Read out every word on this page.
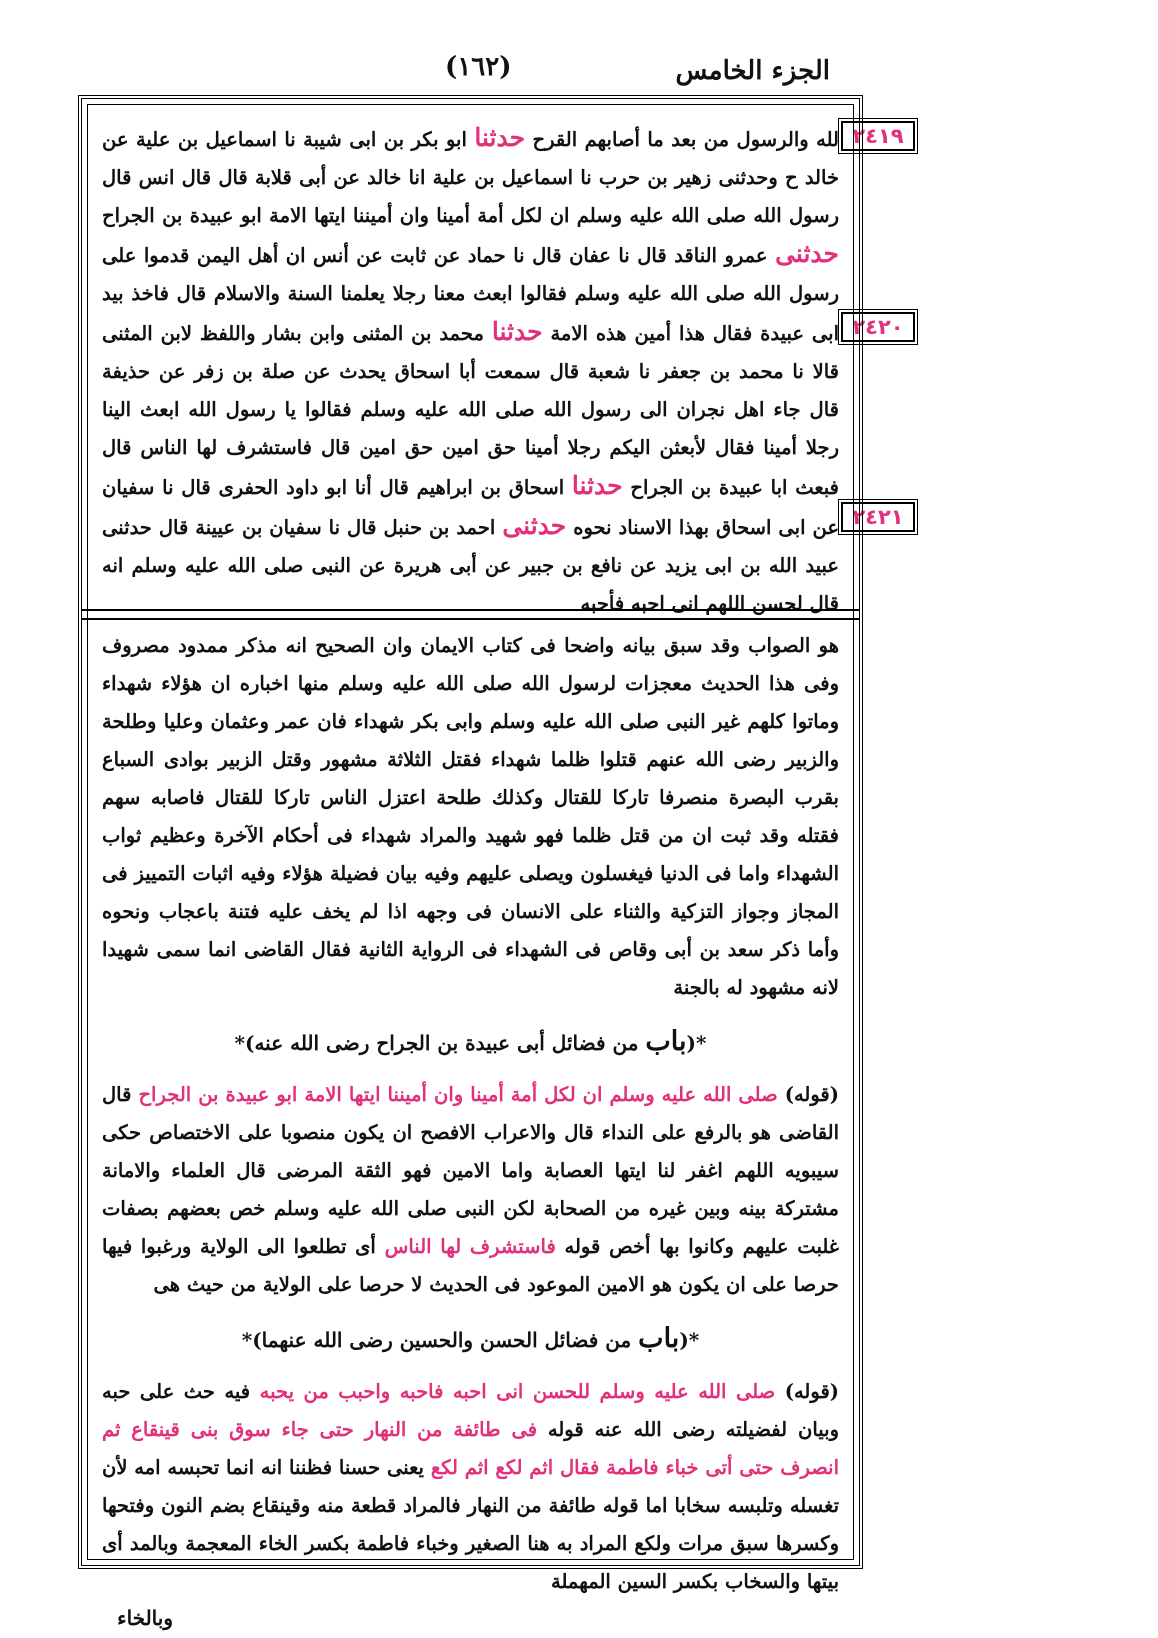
الجزء الخامس
(١٦٢)
٢٤١٩
٢٤٢٠
٢٤٢١

لله والرسول من بعد ما أصابهم القرح حدثنا ابو بكر بن ابى شيبة نا اسماعيل بن علية عن خالد ح وحدثنى زهير بن حرب نا اسماعيل بن علية انا خالد عن أبى قلابة قال قال انس قال رسول الله صلى الله عليه وسلم ان لكل أمة أمينا وان أميننا ايتها الامة ابو عبيدة بن الجراح حدثنى عمرو الناقد قال نا عفان قال نا حماد عن ثابت عن أنس ان أهل اليمن قدموا على رسول الله صلى الله عليه وسلم فقالوا ابعث معنا رجلا يعلمنا السنة والاسلام قال فاخذ بيد ابى عبيدة فقال هذا أمين هذه الامة حدثنا محمد بن المثنى وابن بشار واللفظ لابن المثنى قالا نا محمد بن جعفر نا شعبة قال سمعت أبا اسحاق يحدث عن صلة بن زفر عن حذيفة قال جاء اهل نجران الى رسول الله صلى الله عليه وسلم فقالوا يا رسول الله ابعث الينا رجلا أمينا فقال لأبعثن اليكم رجلا أمينا حق امين حق امين قال فاستشرف لها الناس قال فبعث ابا عبيدة بن الجراح حدثنا اسحاق بن ابراهيم قال أنا ابو داود الحفرى قال نا سفيان عن ابى اسحاق بهذا الاسناد نحوه حدثنى احمد بن حنبل قال نا سفيان بن عيينة قال حدثنى عبيد الله بن ابى يزيد عن نافع بن جبير عن أبى هريرة عن النبى صلى الله عليه وسلم انه قال لحسن اللهم انى احبه فأحبه

هو الصواب وقد سبق بيانه واضحا فى كتاب الايمان وان الصحيح انه مذكر ممدود مصروف وفى هذا الحديث معجزات لرسول الله صلى الله عليه وسلم منها اخباره ان هؤلاء شهداء وماتوا كلهم غير النبى صلى الله عليه وسلم وابى بكر شهداء فان عمر وعثمان وعليا وطلحة والزبير رضى الله عنهم قتلوا ظلما شهداء فقتل الثلاثة مشهور وقتل الزبير بوادى السباع بقرب البصرة منصرفا تاركا للقتال وكذلك طلحة اعتزل الناس تاركا للقتال فاصابه سهم فقتله وقد ثبت ان من قتل ظلما فهو شهيد والمراد شهداء فى أحكام الآخرة وعظيم ثواب الشهداء واما فى الدنيا فيغسلون ويصلى عليهم وفيه بيان فضيلة هؤلاء وفيه اثبات التمييز فى المجاز وجواز التزكية والثناء على الانسان فى وجهه اذا لم يخف عليه فتنة باعجاب ونحوه وأما ذكر سعد بن أبى وقاص فى الشهداء فى الرواية الثانية فقال القاضى انما سمى شهيدا لانه مشهود له بالجنة

*(باب من فضائل أبى عبيدة بن الجراح رضى الله عنه)*

(قوله) صلى الله عليه وسلم ان لكل أمة أمينا وان أميننا ايتها الامة ابو عبيدة بن الجراح قال القاضى هو بالرفع على النداء قال والاعراب الافصح ان يكون منصوبا على الاختصاص حكى سيبويه اللهم اغفر لنا ايتها العصابة واما الامين فهو الثقة المرضى قال العلماء والامانة مشتركة بينه وبين غيره من الصحابة لكن النبى صلى الله عليه وسلم خص بعضهم بصفات غلبت عليهم وكانوا بها أخص قوله فاستشرف لها الناس أى تطلعوا الى الولاية ورغبوا فيها حرصا على ان يكون هو الامين الموعود فى الحديث لا حرصا على الولاية من حيث هى

*(باب من فضائل الحسن والحسين رضى الله عنهما)*

(قوله) صلى الله عليه وسلم للحسن انى احبه فاحبه واحبب من يحبه فيه حث على حبه وبيان لفضيلته رضى الله عنه قوله فى طائفة من النهار حتى جاء سوق بنى قينقاع ثم انصرف حتى أتى خباء فاطمة فقال اثم لكع اثم لكع يعنى حسنا فظننا انه انما تحبسه امه لأن تغسله وتلبسه سخابا اما قوله طائفة من النهار فالمراد قطعة منه وقينقاع بضم النون وفتحها وكسرها سبق مرات ولكع المراد به هنا الصغير وخباء فاطمة بكسر الخاء المعجمة وبالمد أى بيتها والسخاب بكسر السين المهملة

وبالخاء
